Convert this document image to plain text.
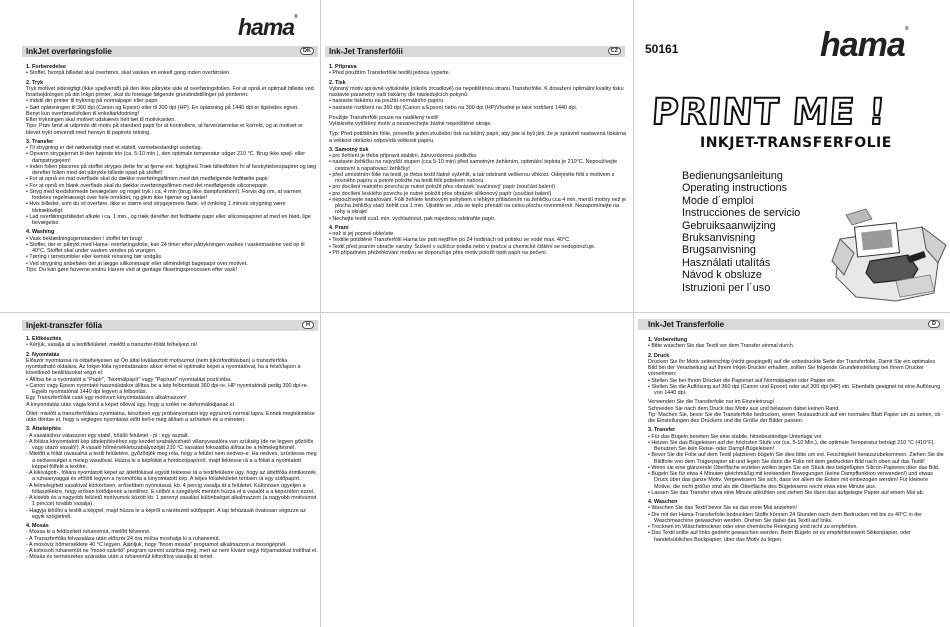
hama®
InkJet overføringsfolie	DK
1. Forberedelse
• Stoffet, hvorpå billedet skal overføres, skal vaskes en enkelt gang inden overførslen.
2. Tryk

Tryk motivet sidevigtigt (ikke spejlvendt) på den ikke påtrykte side af overføringsfolien. For at opnå et optimalt billede ved forarbejdningen på din Inkjet printer, skal du foretage følgende grundindstillinger på printeren:

• Indstil din printer til trykning på normalpapir eller papir.
• Sæt opløsningen til 360 dpi (Canon og Epson) eller til 300 dpi (HP). En opløsning på 1440 dpi er ligeledes egnet.

Benyt kun overførselsfolien til enkeltarkfodning!

Efter trykningen skal motivet udskæres helt tæt til motivkanten.

Tips: Prøv først at udprinte dit motiv på standard papir for at kontrollere, at farve/størrelse er korrekt, og at motivet er blevet trykt omvendt med hensyn til papirets retning.

3. Transfer
• Til strygning er det nødvendigt med et stabilt, varmebestandigt underlag.
• Opvarm strygejernet til den højeste trin (ca. 5-10 min.), den optimale temperatur udgør 210 °C. Brug ikke spejl- eller dampstrygejern!
• Inden folien placeres på stoffet stryges dette for at fjerne evt. fugtighed.Træk billedfolien fri af beskyttelsespapiret og læg derefter folien med det påtrykte billede opad på stoffet!
• For at opnå en mat overflade skal du dække overføringsfilmen med det medfølgende fedttætte papir.
• For at opnå en blank overflade skal du dække overføringsfilmen med det medfølgende siliconepapir.
• Stryg med kredsformede bevægelser og noget tryk i ca. 4 min (brug ikke dampfunktion!). Forvis dig om, at varmen fordeles regelmæssigt over hele området, og glem ikke hjørner og kanter!
• Hvis billedet, som du vil overføre, ikke er større end strygejernets flade, vil omkring 1 minuts strygning være tilstrækkeligt.
• Lad overføringsbilledet afkøle i ca. 1 min., og træk derefter det fedttætte papir eller siliconepapiret af med en blød, lige bevægelse.
4. Washing
• Vask beklædningsgenstanden / stoffet før brug!
• Stoffer, der er påtrykt med Hama- overføringsfolie, kan 24 timer efter påtrykningen vaskes i vaskemaskine ved op til 40°C. Stoffet skal under vasken vendes på vrangen.
• Tørring i tørretumbler eller kemisk rensning bør undgås.
• Ved strygning anbefales det at lægge silikonepapir eller allmindeligt bagepapir over motivet.

Tips: Du kan gøre farverne endnu klarere ved at gentage fikseringsprocessen efter vask!

Ink-Jet Transferfólii	CZ
1. Příprava
• Před použitím Transferfólie textilii jednou vyperte.
2. Tisk

Vybraný motiv správně vytiskněte (nikoliv zrcadlově) na nepotištěnou stranu Transferfólie. K dosažení optimální kvality tisku nastavte parametry vaší tiskárny dle následujících pokynů:

• nastavte tiskárnu na použití normálního papíru
• nastavte rozlišení na 360 dpi (Canon a Epson) nebo na 300 dpi (HP)Vhodné je také rozlišení 1440 dpi.

Použijte Transferfólii pouze na nadělený textil!

Vytiskněte vytištěný motiv a nezanechejte žádné nepotištěné okraje.

Typ: Před potištěním fólie, proveďte jeden zkušební tisk na běžný papír, aby jste si byli jisti, že je správně nastavená tiskárna a velikost obrázku odpovídá velikosti papíru.

3. Samotný tisk
• pro žehlení je třeba připravit stabilní, žáruvzdornou podložku
• nastavte žehličku na nejvyšší stupen (cca 5-10 min) před samotným žehlením, optimální teplota je 210°C. Nepoužívejte cestovní a napařovací žehličky!
• před umístěním fólie na textil, je třeba textil řádně vyžehlit, a tak odstranit veškerou vlhkost. Odejměte fólii s motivem z nosného papíru a potom položte na textil fólii potiskem nahoru
• pro docílení matného povrchu je nutné položit přes obrázek 'svačinový' papír (součást balení)
• pro docílení lesklého povrchu je nutné položit přes obrázek silikonový papír (součást balení)
• nepoužívejte napařování. Fólii žehlete kruhovým pohybem s lehkým přitlačením na žehličku cca 4 min, menší motivy než je plocha žehličky stačí žehlit cca 1 min. Ujistěte se, zda se teplo přenáší na celou plochu rovnoměrně. Nezapomínejte na rohy a okraje!
• Nechejte textil cca1 min. vychladnout, pak najednou odstraňte papír.
4. Praní
• než si jej poprvé oblečete
• Textilie potištěné Transferfólií Hama lze prát nejdříve po 24 hodinách od potisku ve vodě max. 40°C.
• Textil před praním obraťte naruby. Sušení v sušičce prádla nebo v pračce a chemické čištění se nedoporučuje.
• Při případném přežehlování motivu se doporučuje přes motiv položit opět papír na pečení.
50161	hama®
PRINT ME !
INKJET-TRANSFERFOLIE
Bedienungsanleitung
Operating instructions
Mode d´emploi
Instrucciones de servicio
Gebruiksaanwijzing
Bruksanvisning
Brugsanvisning
Használati utalítás
Návod k obsluze
Istruzioni per l´uso
Injekt-transzfer fólia	H
1. Előkészítés
• Kérjük, vasalja át a textilfelületet, mielőtt a transzfer-fóliát felhelyezi rá!
2. Nyomtatás

Először nyomtassa rá oldalhelyesen az Ön által kiválasztott motívumot (nem tükörfordításban) a transzferfólia nyomtatható oldalára. Az Inkjet-fólia nyomtatásakor akkor érhet el optimális képet a nyomtatóval, ha a felsõ/lapon a következõ beállításokat végzi el:

• Állítsa be a nyomtatót a "Papír", "Normálpapír" vagy "Papírart" nyomtatási pozícióba.
• Canon vagy Epson nyomtató használatakor állítsa be a kép felbontását 360 dpi-re, HP nyomtatónál pedig 300 dpi-re. Egyéb nyomtatónál 1440 dpi legyen a felbontás.

Egy Transzferfóliát csak egy motívum kinyomtatására alkalmazzon!

A kinyomtatás után vágja körül a képet ollóval úgy, hogy a szélei ne deformálódjanak el.

Ötlet: mielõtt a transzferfóliára nyomtatna, készítsen egy próbanyomatot egy egyszerû normál lapra. Ennek megtekintése után döntse el, hogy a végleges nyomtatás előtt kell-e még állítani a színeken és a méreten.

3. Átteleipítés
- A vasaláshoz válasszon egy stabil, hőálló felületet - pl.: egy asztalt.
- A fóliára kinyomtatott kép áttelepítéséhez egy kezdet szabályozható villanyvasalóra van szükség (de ne legyen gőzölős vagy utazó vasaló!). A vasaló hőmérsékletszabályozóját 210 °C vasalási fokozatba állítsa be a felmelegítésnél.
- Mielőtt a fóliát rávasalná a textil felületére, győződjék meg róla, hogy a felület nem nedves-e. Ha nedves, szüntesse meg a nedvességet a meleg vasalóval. Húzza le a képfóliát a hordozópapírról, majd fektesse rá a a fóliát a nyomtatott képpel fölfelé a textilre.
- A kikívágott-, fóliára nyomtatott képet az áttétfóliával együtt fektesse rá a textilfelületre úgy, hogy az áttétfólia érintkezzék a ruhaanyaggal és efölött legyen a nyomófólia a kinyomtatott kép. A teljes fóliafelületet terítsen rá egy sütőpapírt.
- A felmelegített vasalóval körkörösen, erősebben nyomással, kb. 4 percig vasalja át a felületet. Különösen ügyeljen a fóliaszélekre, hogy erősen kötődjenek a textilhez. E célból a szegélyek mentén húzza el a vasalót a a képszélen ezzel.
- A kisebb és a nagyobb felületű motívumok között kb. 1 perenyi vasalási különbséget alkalmazzon (a nagyobb motívumot 1 percce) tovább vasalja).
- Hagyja kihűlni a textilt a képpel, majd húzza le a képről a rárétezett sütőpapírt. A lap lehúzását óvatosan végezze az egyik szögletnél.
4. Mosás
- Mossa ki a feldíszített ruhanemüt, mielőtt felvenné.
- A Transzferfólia felvasalása után először 24 óra múlva moshatja ki a ruhanemüt.
- A mosóvíz hőmérséklete 40 °C legyen. Ajánljuk, hogy "finom mosás" programot alkalmazzon a mosógépnél.
- A kimosott ruhanemût ne "mosó-szárító" program szerint szárítsa meg, mert az nem kívánt vegyi folyamatokat indíthat el.
- Mosás és természetes száradás után a ruhanemüt kifordítva vasalja át ismét.
Ink-Jet Transferfolie	D
1. Vorbereitung
• Bitte waschen Sie das Textil vor dem Transfer einmal durch.
2. Druck

Drucken Sie Ihr Motiv seitenrichtig (nicht gespiegelt) auf die unbedruckte Seite der Transferfolie. Damit Sie ein optimales Bild bei der Verarbeitung auf Ihrem Inkjet-Drucker erhalten, sollten Sie folgende Grundeinstellung bei Ihrem Drucker vornehmen:

• Stellen Sie bei Ihrem Drucker die Papierart auf Normalpapier oder Papier ein.
• Stellen Sie die Auflösung auf 360 dpi (Canon und Epson) oder auf 300 dpi (HP) ein. Ebenfalls geeignet ist eine Auflösung von 1440 dpi.

Verwenden Sie die Transferfolie nur im Einzeleinzug!

Schneiden Sie nach dem Druck das Motiv aus und belassen dabei keinen Rand.

Tip: Machen Sie, bevor Sie die Transferfolie bedrucken, einen Testausdruck auf ein normales Blatt Papier um zu sehen, ob die Einstellungen des Druckers und die Größe der Bilder passen.

3. Transfer
• Für das Bügeln bereiten Sie eine stabile, hitzebeständige Unterlage vor.
• Heizen Sie das Bügeleisen auf der höchsten Stufe vor (ca. 5-10 Min.), die optimale Temperatur beträgt 210 °C (410°F). Benutzen Sie kein Reise- oder Dampf-Bügeleisen!
• Bevor Sie die Folie auf dem Textil platzieren bügeln Sie dies bitte um evt. Feuchtigkeit herauszubekommen. Ziehen Sie die Bildfolie von dem Trägerpapier ab und legen Sie dann die Folie mit dem gedruckten Bild nach oben auf das Textil!
• Wenn sie eine glänzende Oberfläche erzielen wollen legen Sie ein Stück des beigefügten Silicon-Papieres über das Bild.
• Bügeln Sie für etwa 4 Minuten gleichmäßig mit kreisenden Bewegungen (keine Dampffunktion verwenden!) und etwas Druck über das ganze Motiv. Vergewissern Sie sich, dass vor allem die Ecken mit einbezogen werden! Für kleinere Motive, die nicht größer sind als die Oberfläche des Bügeleisens reicht etwa eine Minute aus.
• Lassen Sie das Transfer etwa eine Minute abkühlen und ziehen Sie dann das aufgelegte Papier auf einem Mal ab.
4. Waschen
• Waschen Sie das Textil bevor Sie es das erste Mal anziehen!
• Die mit der Hama-Transferfolie bedruckten Stoffe können 24 Stunden nach dem Bedrucken mit bis zu 40°C in der Waschmaschine gewaschen werden. Drehen Sie dabei das Textil auf links.
• Trocknen im Wäschetrockner oder eine chemische Reinigung sind nicht zu empfehlen.
• Das Textil sollte auf links gedreht gewaschen werden. Beim Bügeln ist es empfehlenswert Silikonpapier, oder handelsübliches Backpapier, über das Motiv zu legen.
